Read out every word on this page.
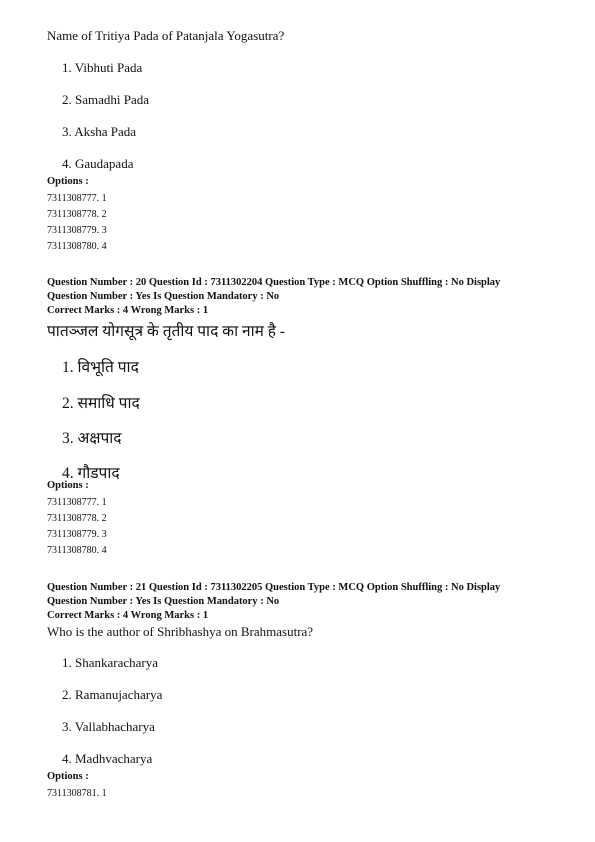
Name of Tritiya Pada of Patanjala Yogasutra?
1. Vibhuti Pada
2. Samadhi Pada
3. Aksha Pada
4. Gaudapada
Options :
7311308777. 1
7311308778. 2
7311308779. 3
7311308780. 4
Question Number : 20 Question Id : 7311302204 Question Type : MCQ Option Shuffling : No Display
Question Number : Yes Is Question Mandatory : No
Correct Marks : 4 Wrong Marks : 1
पातञ्जल योगसूत्र के तृतीय पाद का नाम है -
1. विभूति पाद
2. समाधि पाद
3. अक्षपाद
4. गौडपाद
Options :
7311308777. 1
7311308778. 2
7311308779. 3
7311308780. 4
Question Number : 21 Question Id : 7311302205 Question Type : MCQ Option Shuffling : No Display
Question Number : Yes Is Question Mandatory : No
Correct Marks : 4 Wrong Marks : 1
Who is the author of Shribhashya on Brahmasutra?
1. Shankaracharya
2. Ramanujacharya
3. Vallabhacharya
4. Madhvacharya
Options :
7311308781. 1
